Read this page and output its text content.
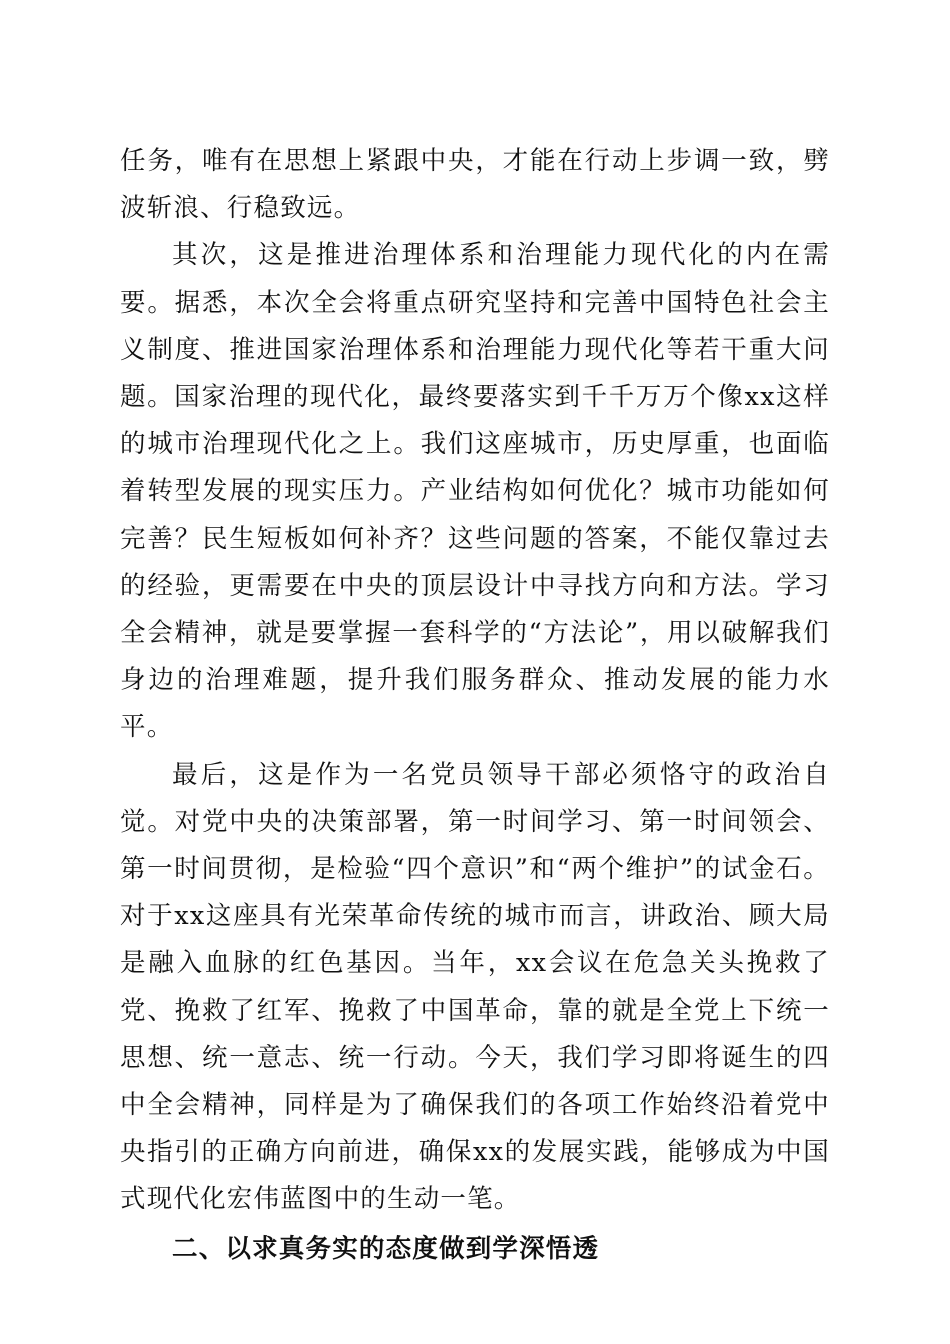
任务，唯有在思想上紧跟中央，才能在行动上步调一致，劈波斩浪、行稳致远。

其次，这是推进治理体系和治理能力现代化的内在需要。据悉，本次全会将重点研究坚持和完善中国特色社会主义制度、推进国家治理体系和治理能力现代化等若干重大问题。国家治理的现代化，最终要落实到千千万万个像xx这样的城市治理现代化之上。我们这座城市，历史厚重，也面临着转型发展的现实压力。产业结构如何优化？城市功能如何完善？民生短板如何补齐？这些问题的答案，不能仅靠过去的经验，更需要在中央的顶层设计中寻找方向和方法。学习全会精神，就是要掌握一套科学的“方法论”，用以破解我们身边的治理难题，提升我们服务群众、推动发展的能力水平。

最后，这是作为一名党员领导干部必须恪守的政治自觉。对党中央的决策部署，第一时间学习、第一时间领会、第一时间贯彻，是检验“四个意识”和“两个维护”的试金石。对于xx这座具有光荣革命传统的城市而言，讲政治、顾大局是融入血脉的红色基因。当年，xx会议在危急关头挽救了党、挽救了红军、挽救了中国革命，靠的就是全党上下统一思想、统一意志、统一行动。今天，我们学习即将诞生的四中全会精神，同样是为了确保我们的各项工作始终沿着党中央指引的正确方向前进，确保xx的发展实践，能够成为中国式现代化宏伟蓝图中的生动一笔。

二、以求真务实的态度做到学深悟透
